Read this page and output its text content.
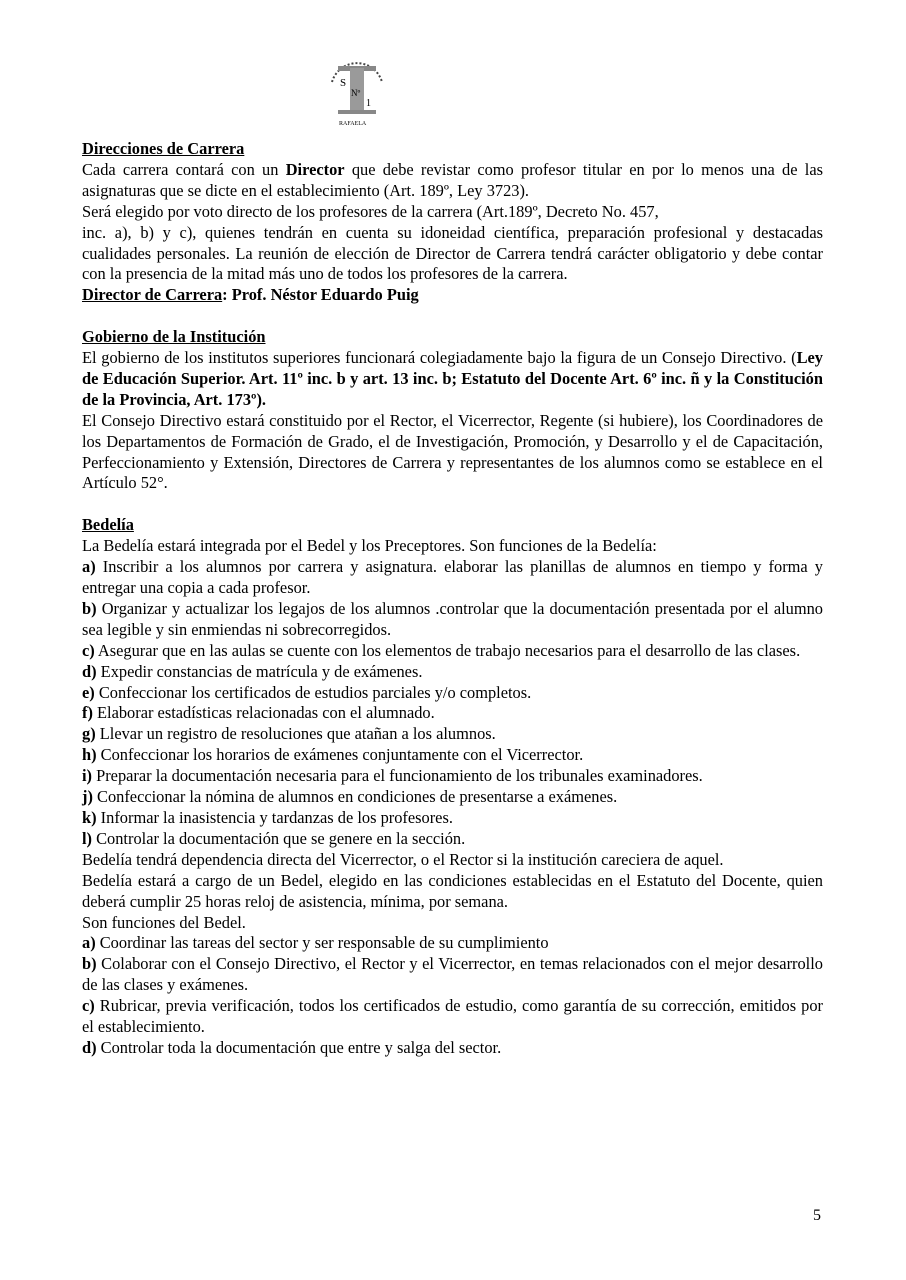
S
Nº
1
RAFAELA

Direcciones de Carrera

Cada carrera contará con un Director que debe revistar como profesor titular en por lo menos una de las asignaturas que se dicte en el establecimiento (Art. 189º, Ley 3723).

Será elegido por voto directo de los profesores de la carrera (Art.189º, Decreto No. 457,

inc. a), b) y c), quienes tendrán en cuenta su idoneidad científica, preparación profesional y destacadas cualidades personales. La reunión de elección de Director de Carrera tendrá carácter obligatorio y debe contar con la presencia de la mitad más uno de todos los profesores de la carrera.

Director de Carrera: Prof. Néstor Eduardo Puig

Gobierno de la Institución

El gobierno de los institutos superiores funcionará colegiadamente bajo la figura de un Consejo Directivo. (Ley de Educación Superior. Art. 11º inc. b y art. 13 inc. b; Estatuto del Docente Art. 6º inc. ñ y la Constitución de la Provincia, Art. 173º).

El Consejo Directivo estará constituido por el Rector, el Vicerrector, Regente (si hubiere), los Coordinadores de los Departamentos de Formación de Grado, el de Investigación, Promoción, y Desarrollo y el de Capacitación, Perfeccionamiento y Extensión, Directores de Carrera y representantes de los alumnos como se establece en el Artículo 52°.

Bedelía

La Bedelía estará integrada por el Bedel y los Preceptores. Son funciones de la Bedelía:

a) Inscribir a los alumnos por carrera y asignatura. elaborar las planillas de alumnos en tiempo y forma y entregar una copia a cada profesor.

b) Organizar y actualizar los legajos de los alumnos .controlar que la documentación presentada por el alumno sea legible y sin enmiendas ni sobrecorregidos.

c) Asegurar que en las aulas se cuente con los elementos de trabajo necesarios para el desarrollo de las clases.

d) Expedir constancias de matrícula y de exámenes.

e) Confeccionar los certificados de estudios parciales y/o completos.

f) Elaborar estadísticas relacionadas con el alumnado.

g) Llevar un registro de resoluciones que atañan a los alumnos.

h) Confeccionar los horarios de exámenes conjuntamente con el Vicerrector.

i) Preparar la documentación necesaria para el funcionamiento de los tribunales examinadores.

j) Confeccionar la nómina de alumnos en condiciones de presentarse a exámenes.

k) Informar la inasistencia y tardanzas de los profesores.

l) Controlar la documentación que se genere en la sección.

Bedelía tendrá dependencia directa del Vicerrector, o el Rector si la institución careciera de aquel.

Bedelía estará a cargo de un Bedel, elegido en las condiciones establecidas en el Estatuto del Docente, quien deberá cumplir 25 horas reloj de asistencia, mínima, por semana.

Son funciones del Bedel.

a) Coordinar las tareas del sector y ser responsable de su cumplimiento

b) Colaborar con el Consejo Directivo, el Rector y el Vicerrector, en temas relacionados con el mejor desarrollo de las clases y exámenes.

c) Rubricar, previa verificación, todos los certificados de estudio, como garantía de su corrección, emitidos por el establecimiento.

d) Controlar toda la documentación que entre y salga del sector.

5
